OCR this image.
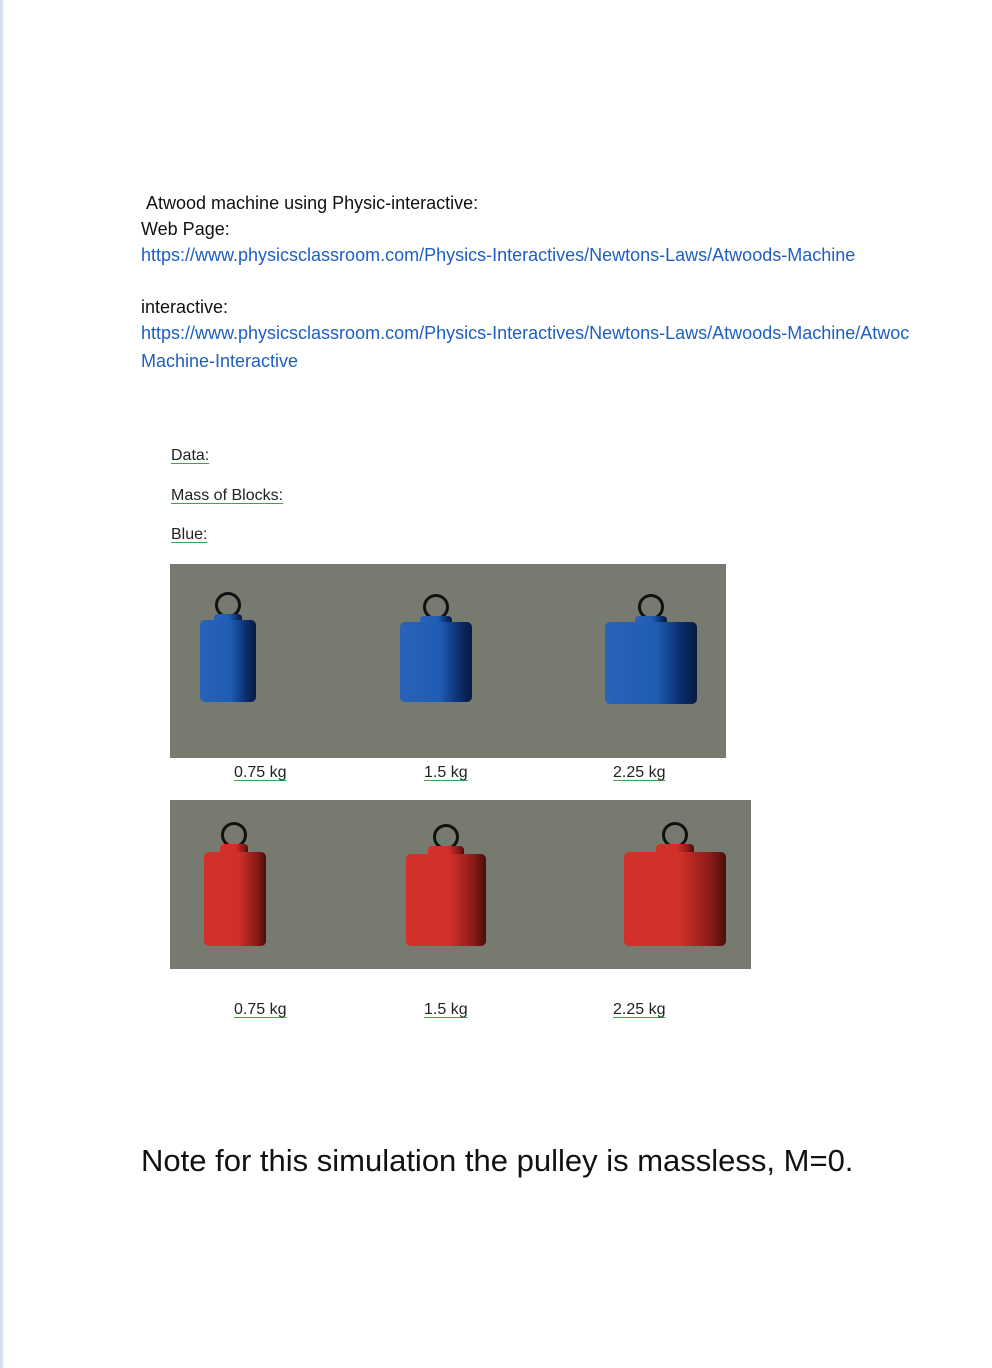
Atwood machine using Physic-interactive:

Web Page:

https://www.physicsclassroom.com/Physics-Interactives/Newtons-Laws/Atwoods-Machine

interactive:

https://www.physicsclassroom.com/Physics-Interactives/Newtons-Laws/Atwoods-Machine/Atwoc
Machine-Interactive

Data:

Mass of Blocks:

Blue:

0.75 kg	1.5 kg	2.25 kg
0.75 kg	1.5 kg	2.25 kg

Note for this simulation the pulley is massless, M=0.
